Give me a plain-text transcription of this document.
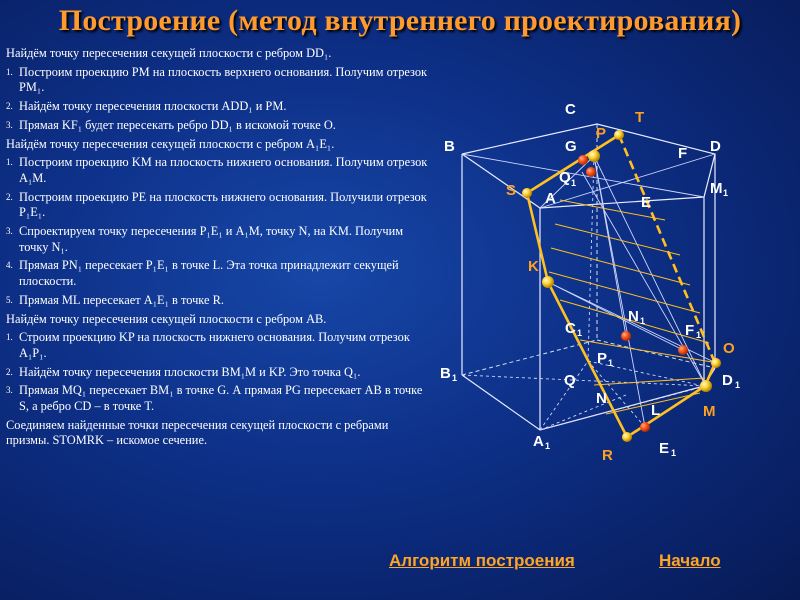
Построение (метод внутреннего проектирования)
Найдём точку пересечения секущей плоскости с ребром DD₁.
1. Построим проекцию PM на плоскость верхнего основания. Получим отрезок PM₁.
2. Найдём точку пересечения плоскости ADD₁ и PM.
3. Прямая KF₁ будет пересекать ребро DD₁ в искомой точке O.
Найдём точку пересечения секущей плоскости с ребром A₁E₁.
1. Построим проекцию KM на плоскость нижнего основания. Получим отрезок A₁M.
2. Построим проекцию PE на плоскость нижнего основания. Получили отрезок P₁E₁.
3. Спроектируем точку пересечения P₁E₁ и A₁M, точку N, на KM. Получим точку N₁.
4. Прямая PN₁ пересекает P₁E₁ в точке L. Эта точка принадлежит секущей плоскости.
5. Прямая ML пересекает A₁E₁ в точке R.
Найдём точку пересечения секущей плоскости с ребром AB.
1. Строим проекцию KP на плоскость нижнего основания. Получим отрезок A₁P₁.
2. Найдём точку пересечения плоскости BM₁M и KP. Это точка Q₁.
3. Прямая MQ₁ пересекает BM₁ в точке G. А прямая PG пересекает AB в точке S, а ребро CD – в точке T.
Соединяем найденные точки пересечения секущей плоскости с ребрами призмы. STOMRK – искомое сечение.
C	T
P
B	G	F D
S A
Q 1
E
M 1
K
C 1
N 1
F 1
O
P 1
B 1	Q	D 1
N
L	M
A 1
R	E 1
Алгоритм построения	Начало
